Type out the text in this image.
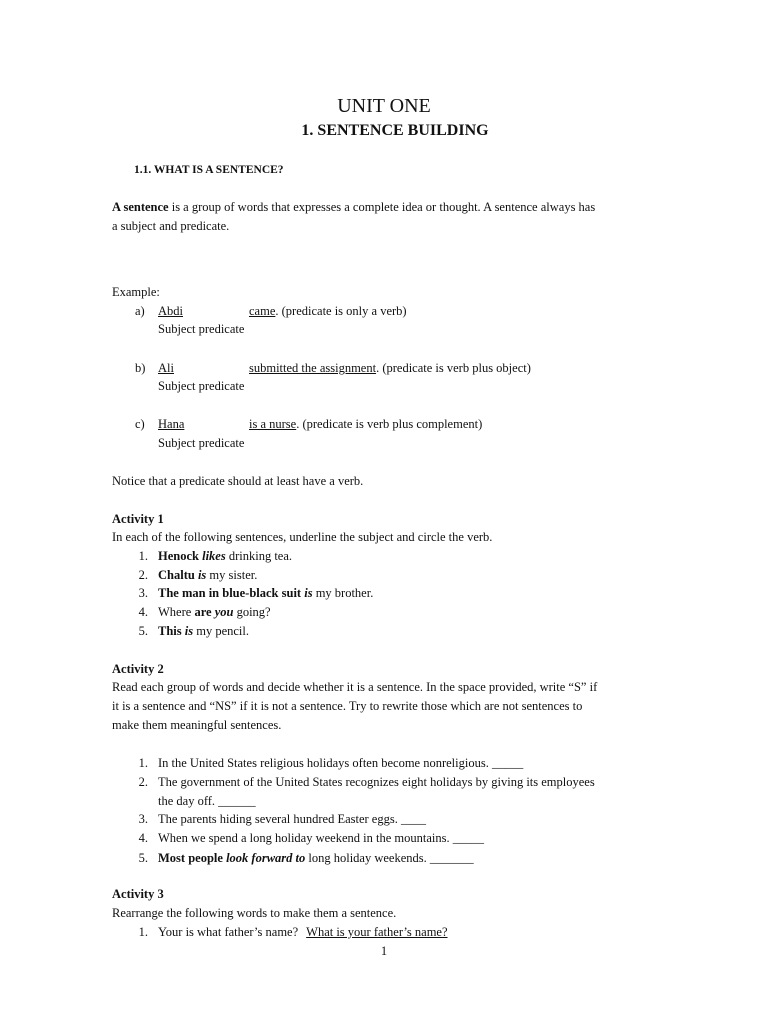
UNIT ONE
1. SENTENCE BUILDING
1.1. WHAT IS A SENTENCE?
A sentence is a group of words that expresses a complete idea or thought. A sentence always has
a subject and predicate.
Example:
a) Abdi	came. (predicate is only a verb)
Subject predicate
b) Ali	submitted the assignment. (predicate is verb plus object)
Subject predicate
c) Hana	is a nurse. (predicate is verb plus complement)
Subject predicate
Notice that a predicate should at least have a verb.
Activity 1
In each of the following sentences, underline the subject and circle the verb.
1. Henock likes drinking tea.
2. Chaltu is my sister.
3. The man in blue-black suit is my brother.
4. Where are you going?
5. This is my pencil.
Activity 2
Read each group of words and decide whether it is a sentence. In the space provided, write “S” if
it is a sentence and “NS” if it is not a sentence. Try to rewrite those which are not sentences to
make them meaningful sentences.
1. In the United States religious holidays often become nonreligious. _____
2. The government of the United States recognizes eight holidays by giving its employees
the day off. ______
3. The parents hiding several hundred Easter eggs. ____
4. When we spend a long holiday weekend in the mountains. _____
5. Most people look forward to long holiday weekends. _______
Activity 3
Rearrange the following words to make them a sentence.
1. Your is what father’s name? What is your father’s name?
1
